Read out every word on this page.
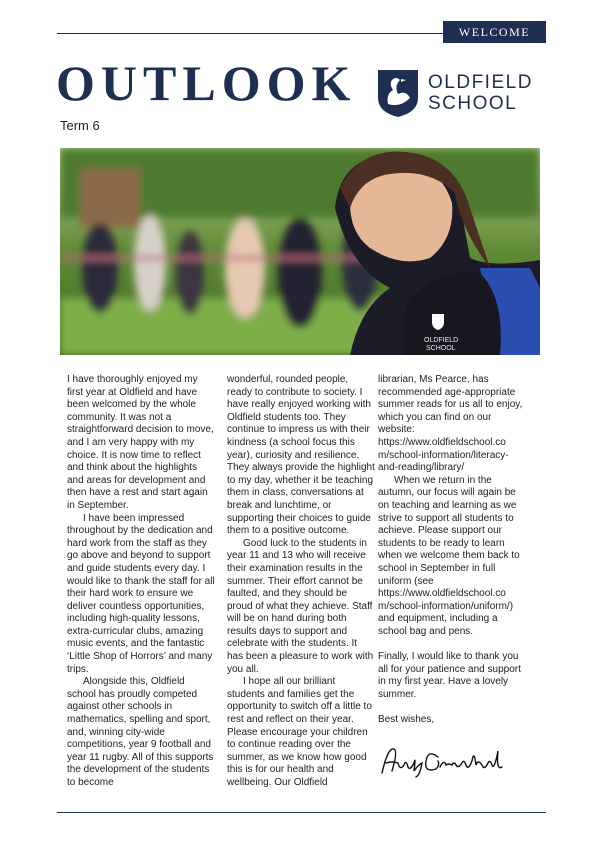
WELCOME
OUTLOOK
Term 6
OLDFIELD
SCHOOL
OLDFIELD
SCHOOL

I have thoroughly enjoyed my first year at Oldfield and have been welcomed by the whole community. It was not a straightforward decision to move, and I am very happy with my choice. It is now time to reflect and think about the highlights and areas for development and then have a rest and start again in September.

I have been impressed throughout by the dedication and hard work from the staff as they go above and beyond to support and guide students every day. I would like to thank the staff for all their hard work to ensure we deliver countless opportunities, including high-quality lessons, extra-curricular clubs, amazing music events, and the fantastic ‘Little Shop of Horrors’ and many trips.

Alongside this, Oldfield school has proudly competed against other schools in mathematics, spelling and sport, and, winning city-wide competitions, year 9 football and year 11 rugby. All of this supports the development of the students to become

wonderful, rounded people, ready to contribute to society. I have really enjoyed working with Oldfield students too. They continue to impress us with their kindness (a school focus this year), curiosity and resilience. They always provide the highlight to my day, whether it be teaching them in class, conversations at break and lunchtime, or supporting their choices to guide them to a positive outcome.

Good luck to the students in year 11 and 13 who will receive their examination results in the summer. Their effort cannot be faulted, and they should be proud of what they achieve. Staff will be on hand during both results days to support and celebrate with the students. It has been a pleasure to work with you all.

I hope all our brilliant students and families get the opportunity to switch off a little to rest and reflect on their year. Please encourage your children to continue reading over the summer, as we know how good this is for our health and wellbeing. Our Oldfield

librarian, Ms Pearce, has recommended age-appropriate summer reads for us all to enjoy, which you can find on our website: https://www.oldfieldschool.co m/school-information/literacy-and-reading/library/

When we return in the autumn, our focus will again be on teaching and learning as we strive to support all students to achieve. Please support our students to be ready to learn when we welcome them back to school in September in full uniform (see https://www.oldfieldschool.co m/school-information/uniform/) and equipment, including a school bag and pens.

Finally, I would like to thank you all for your patience and support in my first year. Have a lovely summer.

Best wishes,
